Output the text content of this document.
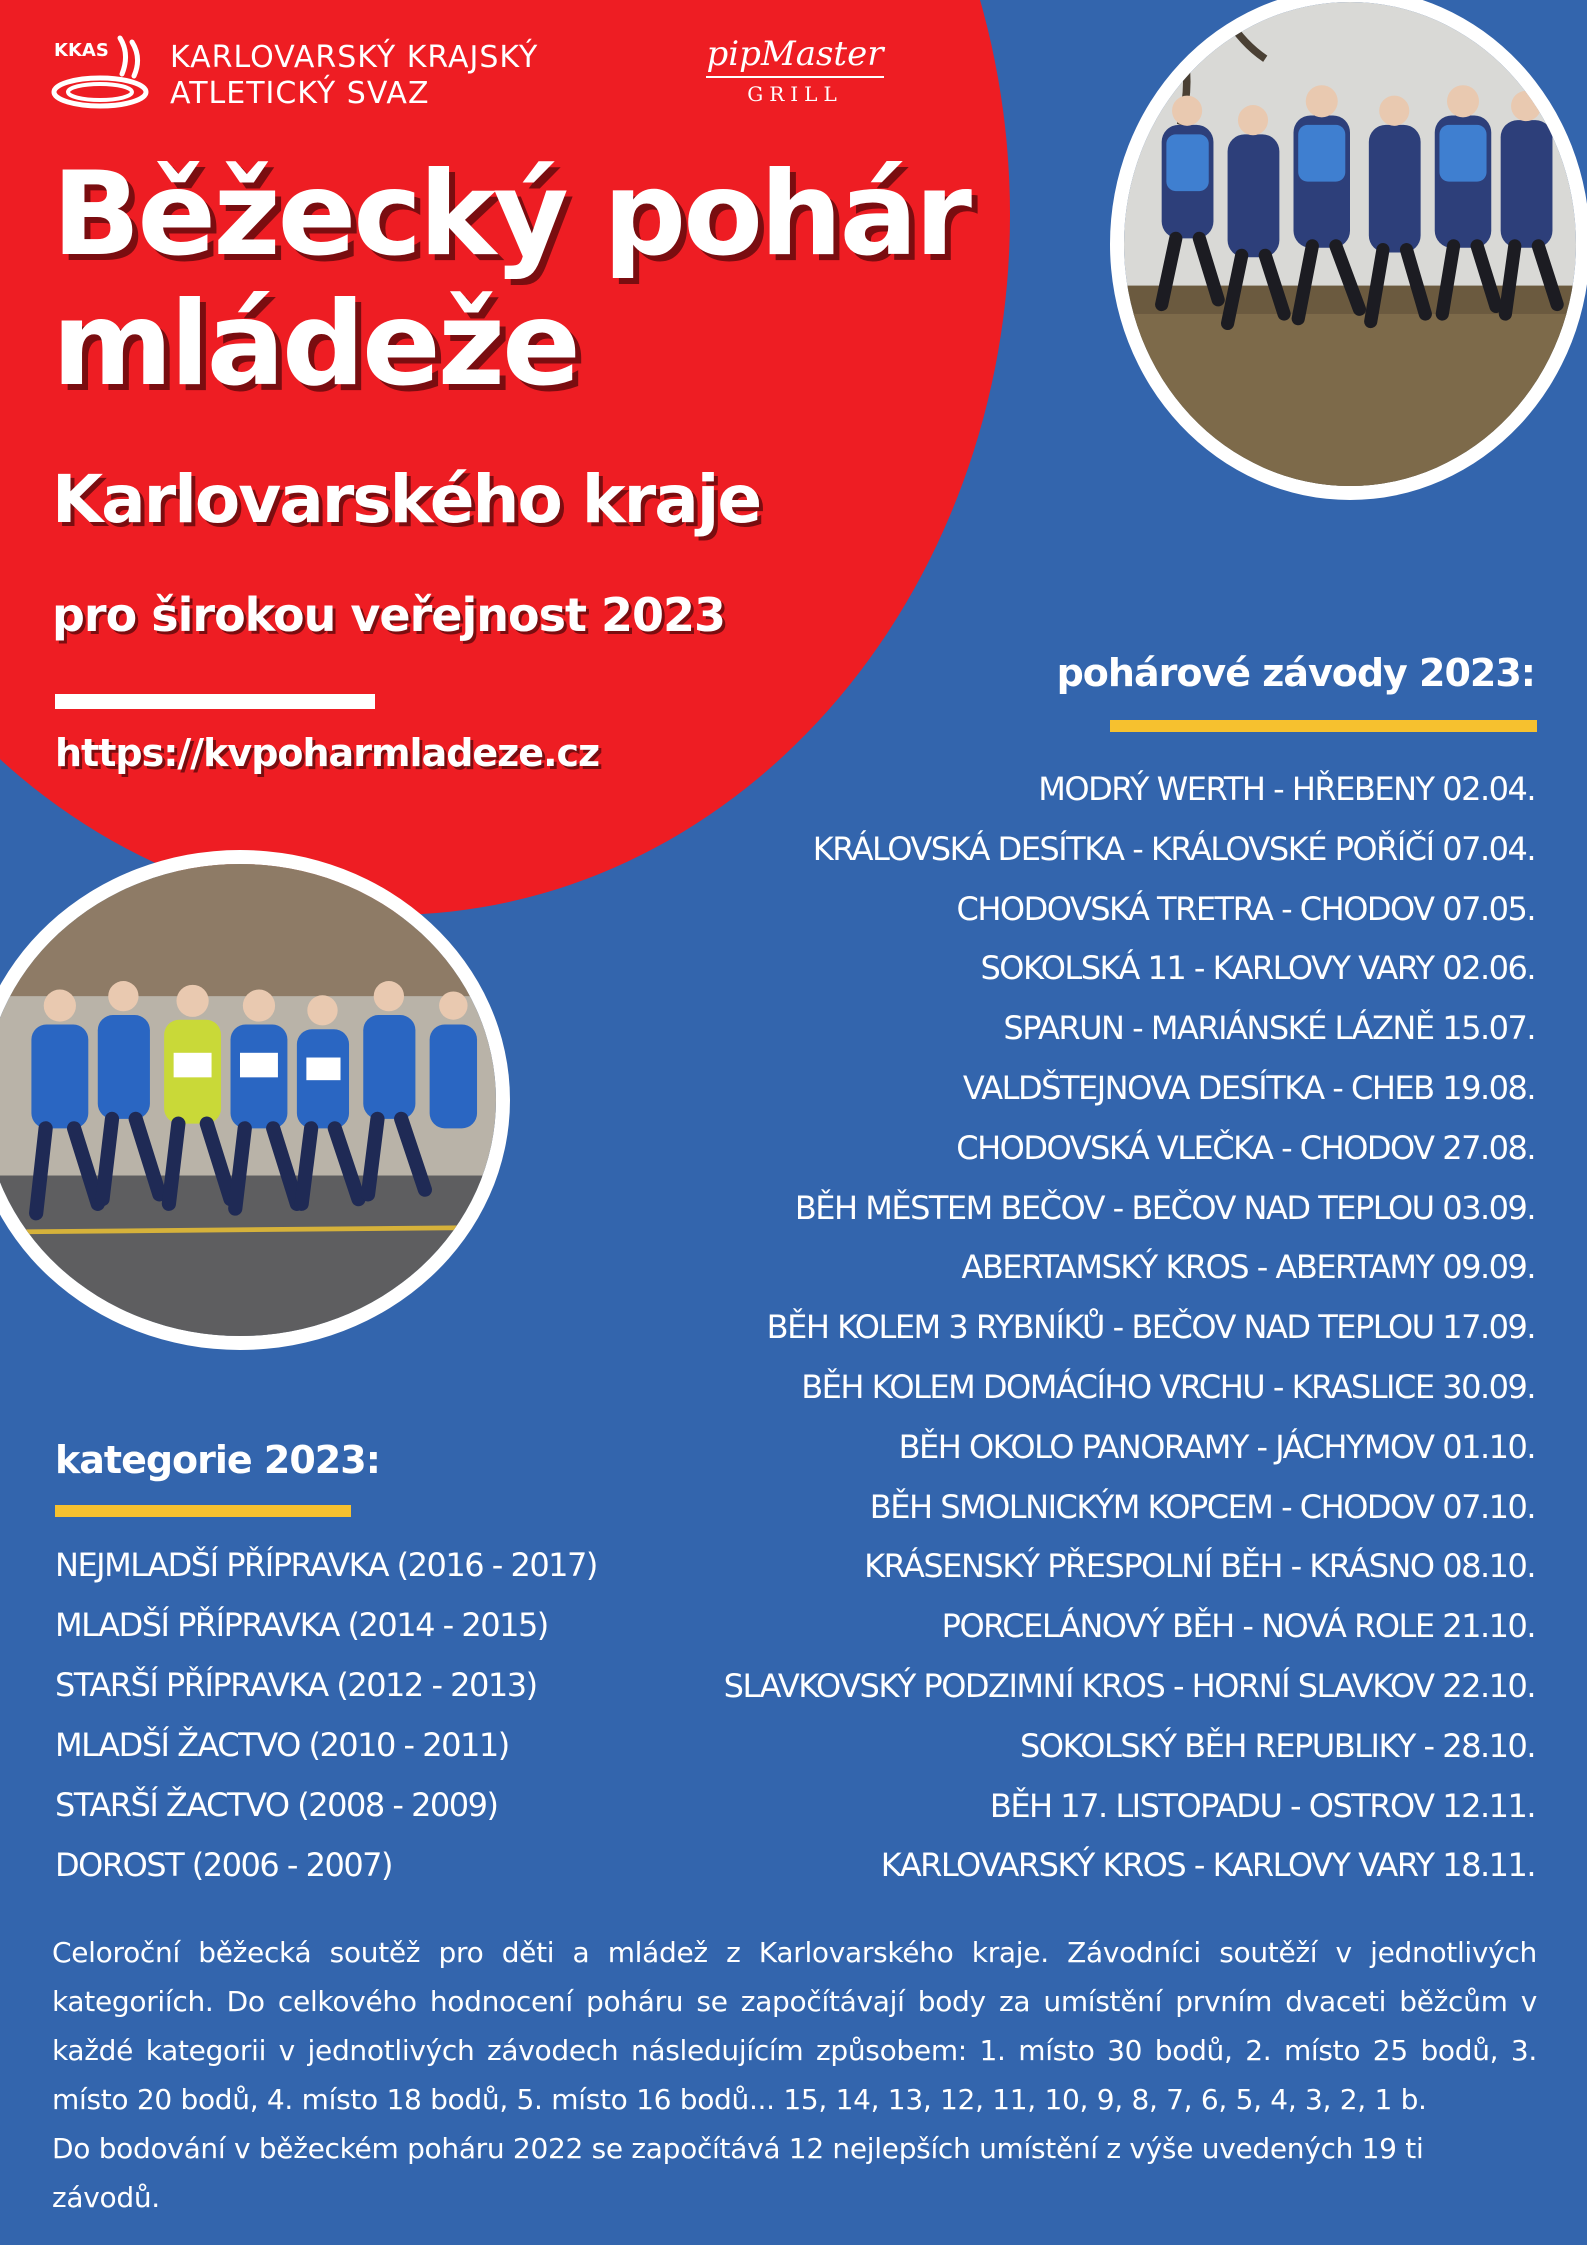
KKAS KARLOVARSKÝ KRAJSKÝ
ATLETICKÝ SVAZ
pipMaster
GRILL
Běžecký pohár
mládeže
Karlovarského kraje
pro širokou veřejnost 2023
https://kvpoharmladeze.cz
pohárové závody 2023:
MODRÝ WERTH - HŘEBENY 02.04.
KRÁLOVSKÁ DESÍTKA - KRÁLOVSKÉ POŘÍČÍ 07.04.
CHODOVSKÁ TRETRA - CHODOV 07.05.
SOKOLSKÁ 11 - KARLOVY VARY 02.06.
SPARUN - MARIÁNSKÉ LÁZNĚ 15.07.
VALDŠTEJNOVA DESÍTKA - CHEB 19.08.
CHODOVSKÁ VLEČKA - CHODOV 27.08.
BĚH MĚSTEM BEČOV - BEČOV NAD TEPLOU 03.09.
ABERTAMSKÝ KROS - ABERTAMY 09.09.
BĚH KOLEM 3 RYBNÍKŮ - BEČOV NAD TEPLOU 17.09.
BĚH KOLEM DOMÁCÍHO VRCHU - KRASLICE 30.09.
BĚH OKOLO PANORAMY - JÁCHYMOV 01.10.
BĚH SMOLNICKÝM KOPCEM - CHODOV 07.10.
KRÁSENSKÝ PŘESPOLNÍ BĚH - KRÁSNO 08.10.
PORCELÁNOVÝ BĚH - NOVÁ ROLE 21.10.
SLAVKOVSKÝ PODZIMNÍ KROS - HORNÍ SLAVKOV 22.10.
SOKOLSKÝ BĚH REPUBLIKY - 28.10.
BĚH 17. LISTOPADU - OSTROV 12.11.
KARLOVARSKÝ KROS - KARLOVY VARY 18.11.
kategorie 2023:
NEJMLADŠÍ PŘÍPRAVKA (2016 - 2017)
MLADŠÍ PŘÍPRAVKA (2014 - 2015)
STARŠÍ PŘÍPRAVKA (2012 - 2013)
MLADŠÍ ŽACTVO (2010 - 2011)
STARŠÍ ŽACTVO (2008 - 2009)
DOROST (2006 - 2007)

Celoroční běžecká soutěž pro děti a mládež z Karlovarského kraje. Závodníci soutěží v jednotlivých kategoriích. Do celkového hodnocení poháru se započítávají body za umístění prvním dvaceti běžcům v každé kategorii v jednotlivých závodech následujícím způsobem: 1. místo 30 bodů, 2. místo 25 bodů, 3. místo 20 bodů, 4. místo 18 bodů, 5. místo 16 bodů... 15, 14, 13, 12, 11, 10, 9, 8, 7, 6, 5, 4, 3, 2, 1 b.

Do bodování v běžeckém poháru 2022 se započítává 12 nejlepších umístění z výše uvedených 19 ti závodů.
